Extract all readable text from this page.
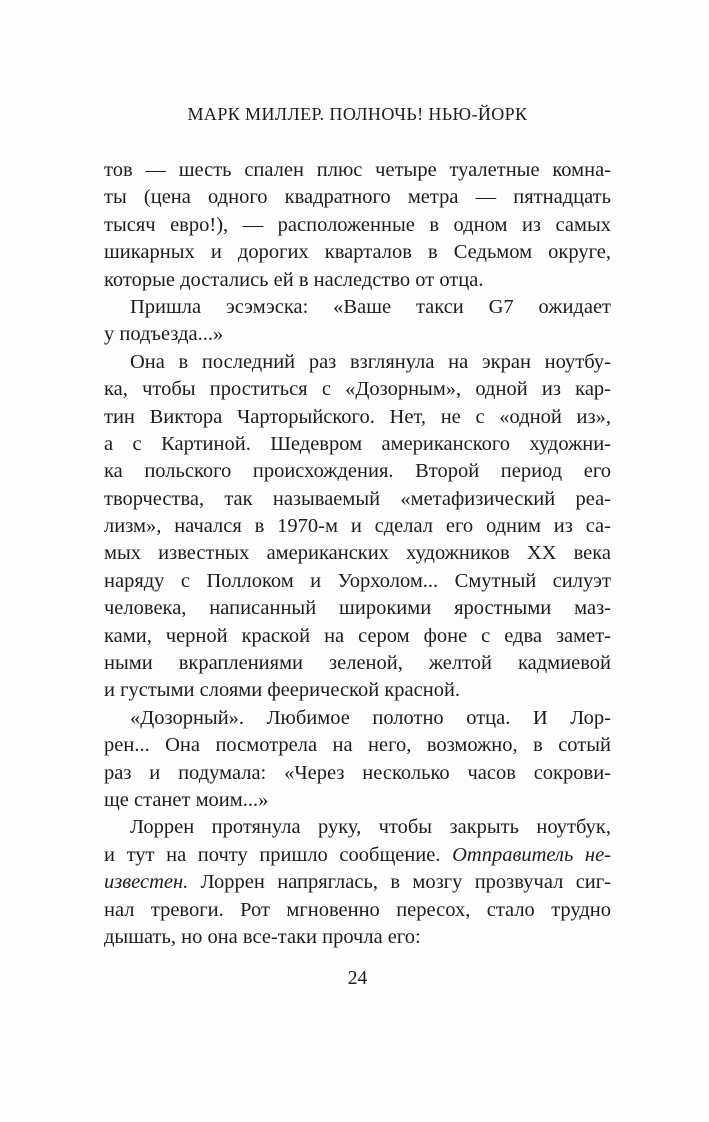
МАРК МИЛЛЕР. ПОЛНОЧЬ! НЬЮ-ЙОРК
тов — шесть спален плюс четыре туалетные комна-
ты (цена одного квадратного метра — пятнадцать
тысяч евро!), — расположенные в одном из самых
шикарных и дорогих кварталов в Седьмом округе,
которые достались ей в наследство от отца.
Пришла эсэмэска: «Ваше такси G7 ожидает
у подъезда...»
Она в последний раз взглянула на экран ноутбу-
ка, чтобы проститься с «Дозорным», одной из кар-
тин Виктора Чарторыйского. Нет, не с «одной из»,
а с Картиной. Шедевром американского художни-
ка польского происхождения. Второй период его
творчества, так называемый «метафизический реа-
лизм», начался в 1970-м и сделал его одним из са-
мых известных американских художников XX века
наряду с Поллоком и Уорхолом... Смутный силуэт
человека, написанный широкими яростными маз-
ками, черной краской на сером фоне с едва замет-
ными вкраплениями зеленой, желтой кадмиевой
и густыми слоями феерической красной.
«Дозорный». Любимое полотно отца. И Лор-
рен... Она посмотрела на него, возможно, в сотый
раз и подумала: «Через несколько часов сокрови-
ще станет моим...»
Лоррен протянула руку, чтобы закрыть ноутбук,
и тут на почту пришло сообщение. Отправитель не-
известен. Лоррен напряглась, в мозгу прозвучал сиг-
нал тревоги. Рот мгновенно пересох, стало трудно
дышать, но она все-таки прочла его:
24
